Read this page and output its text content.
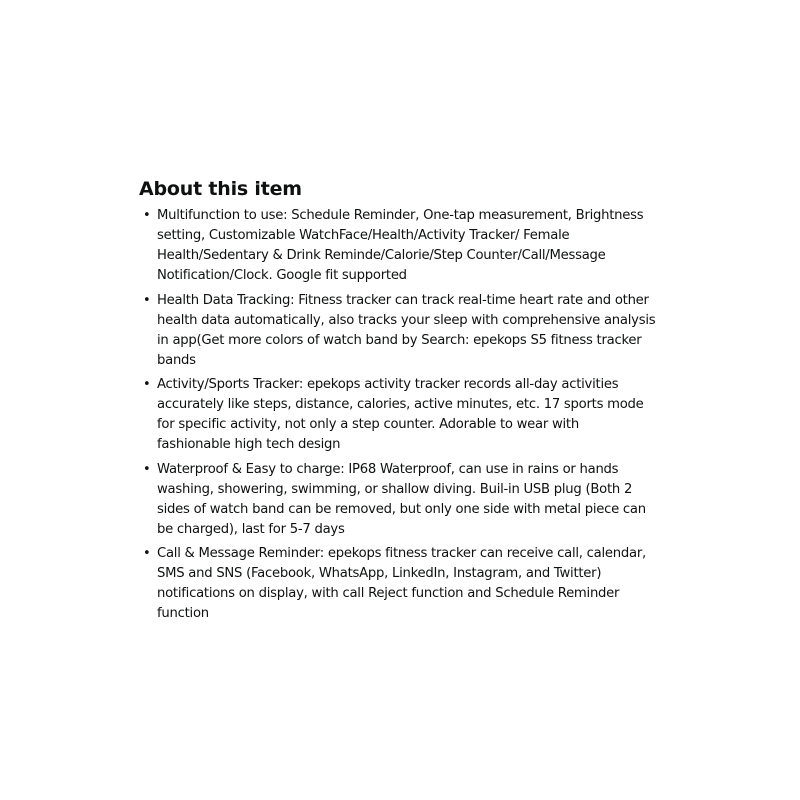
About this item
• Multifunction to use: Schedule Reminder, One-tap measurement, Brightness
setting, Customizable WatchFace/Health/Activity Tracker/ Female
Health/Sedentary & Drink Reminde/Calorie/Step Counter/Call/Message
Notification/Clock. Google fit supported
• Health Data Tracking: Fitness tracker can track real-time heart rate and other
health data automatically, also tracks your sleep with comprehensive analysis
in app(Get more colors of watch band by Search: epekops S5 fitness tracker
bands
• Activity/Sports Tracker: epekops activity tracker records all-day activities
accurately like steps, distance, calories, active minutes, etc. 17 sports mode
for specific activity, not only a step counter. Adorable to wear with
fashionable high tech design
• Waterproof & Easy to charge: IP68 Waterproof, can use in rains or hands
washing, showering, swimming, or shallow diving. Buil-in USB plug (Both 2
sides of watch band can be removed, but only one side with metal piece can
be charged), last for 5-7 days
• Call & Message Reminder: epekops fitness tracker can receive call, calendar,
SMS and SNS (Facebook, WhatsApp, LinkedIn, Instagram, and Twitter)
notifications on display, with call Reject function and Schedule Reminder
function
